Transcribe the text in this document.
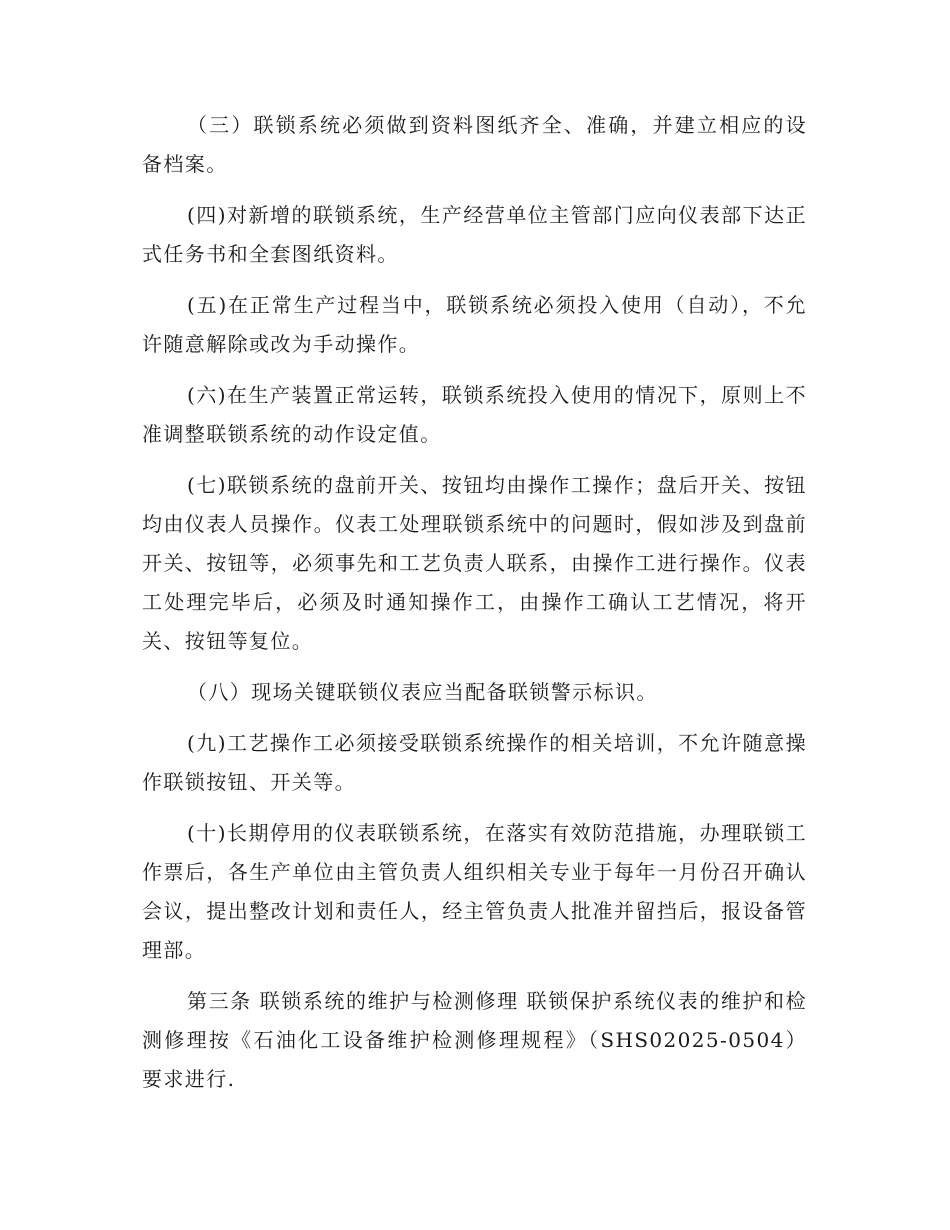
（三）联锁系统必须做到资料图纸齐全、准确，并建立相应的设备档案。

(四)对新增的联锁系统，生产经营单位主管部门应向仪表部下达正式任务书和全套图纸资料。

(五)在正常生产过程当中，联锁系统必须投入使用（自动），不允许随意解除或改为手动操作。

(六)在生产装置正常运转，联锁系统投入使用的情况下，原则上不准调整联锁系统的动作设定值。

(七)联锁系统的盘前开关、按钮均由操作工操作；盘后开关、按钮均由仪表人员操作。仪表工处理联锁系统中的问题时，假如涉及到盘前开关、按钮等，必须事先和工艺负责人联系，由操作工进行操作。仪表工处理完毕后，必须及时通知操作工，由操作工确认工艺情况，将开关、按钮等复位。

（八）现场关键联锁仪表应当配备联锁警示标识。

(九)工艺操作工必须接受联锁系统操作的相关培训，不允许随意操作联锁按钮、开关等。

(十)长期停用的仪表联锁系统，在落实有效防范措施，办理联锁工作票后，各生产单位由主管负责人组织相关专业于每年一月份召开确认会议，提出整改计划和责任人，经主管负责人批准并留挡后，报设备管理部。

第三条 联锁系统的维护与检测修理 联锁保护系统仪表的维护和检测修理按《石油化工设备维护检测修理规程》（SHS02025-0504）要求进行.
